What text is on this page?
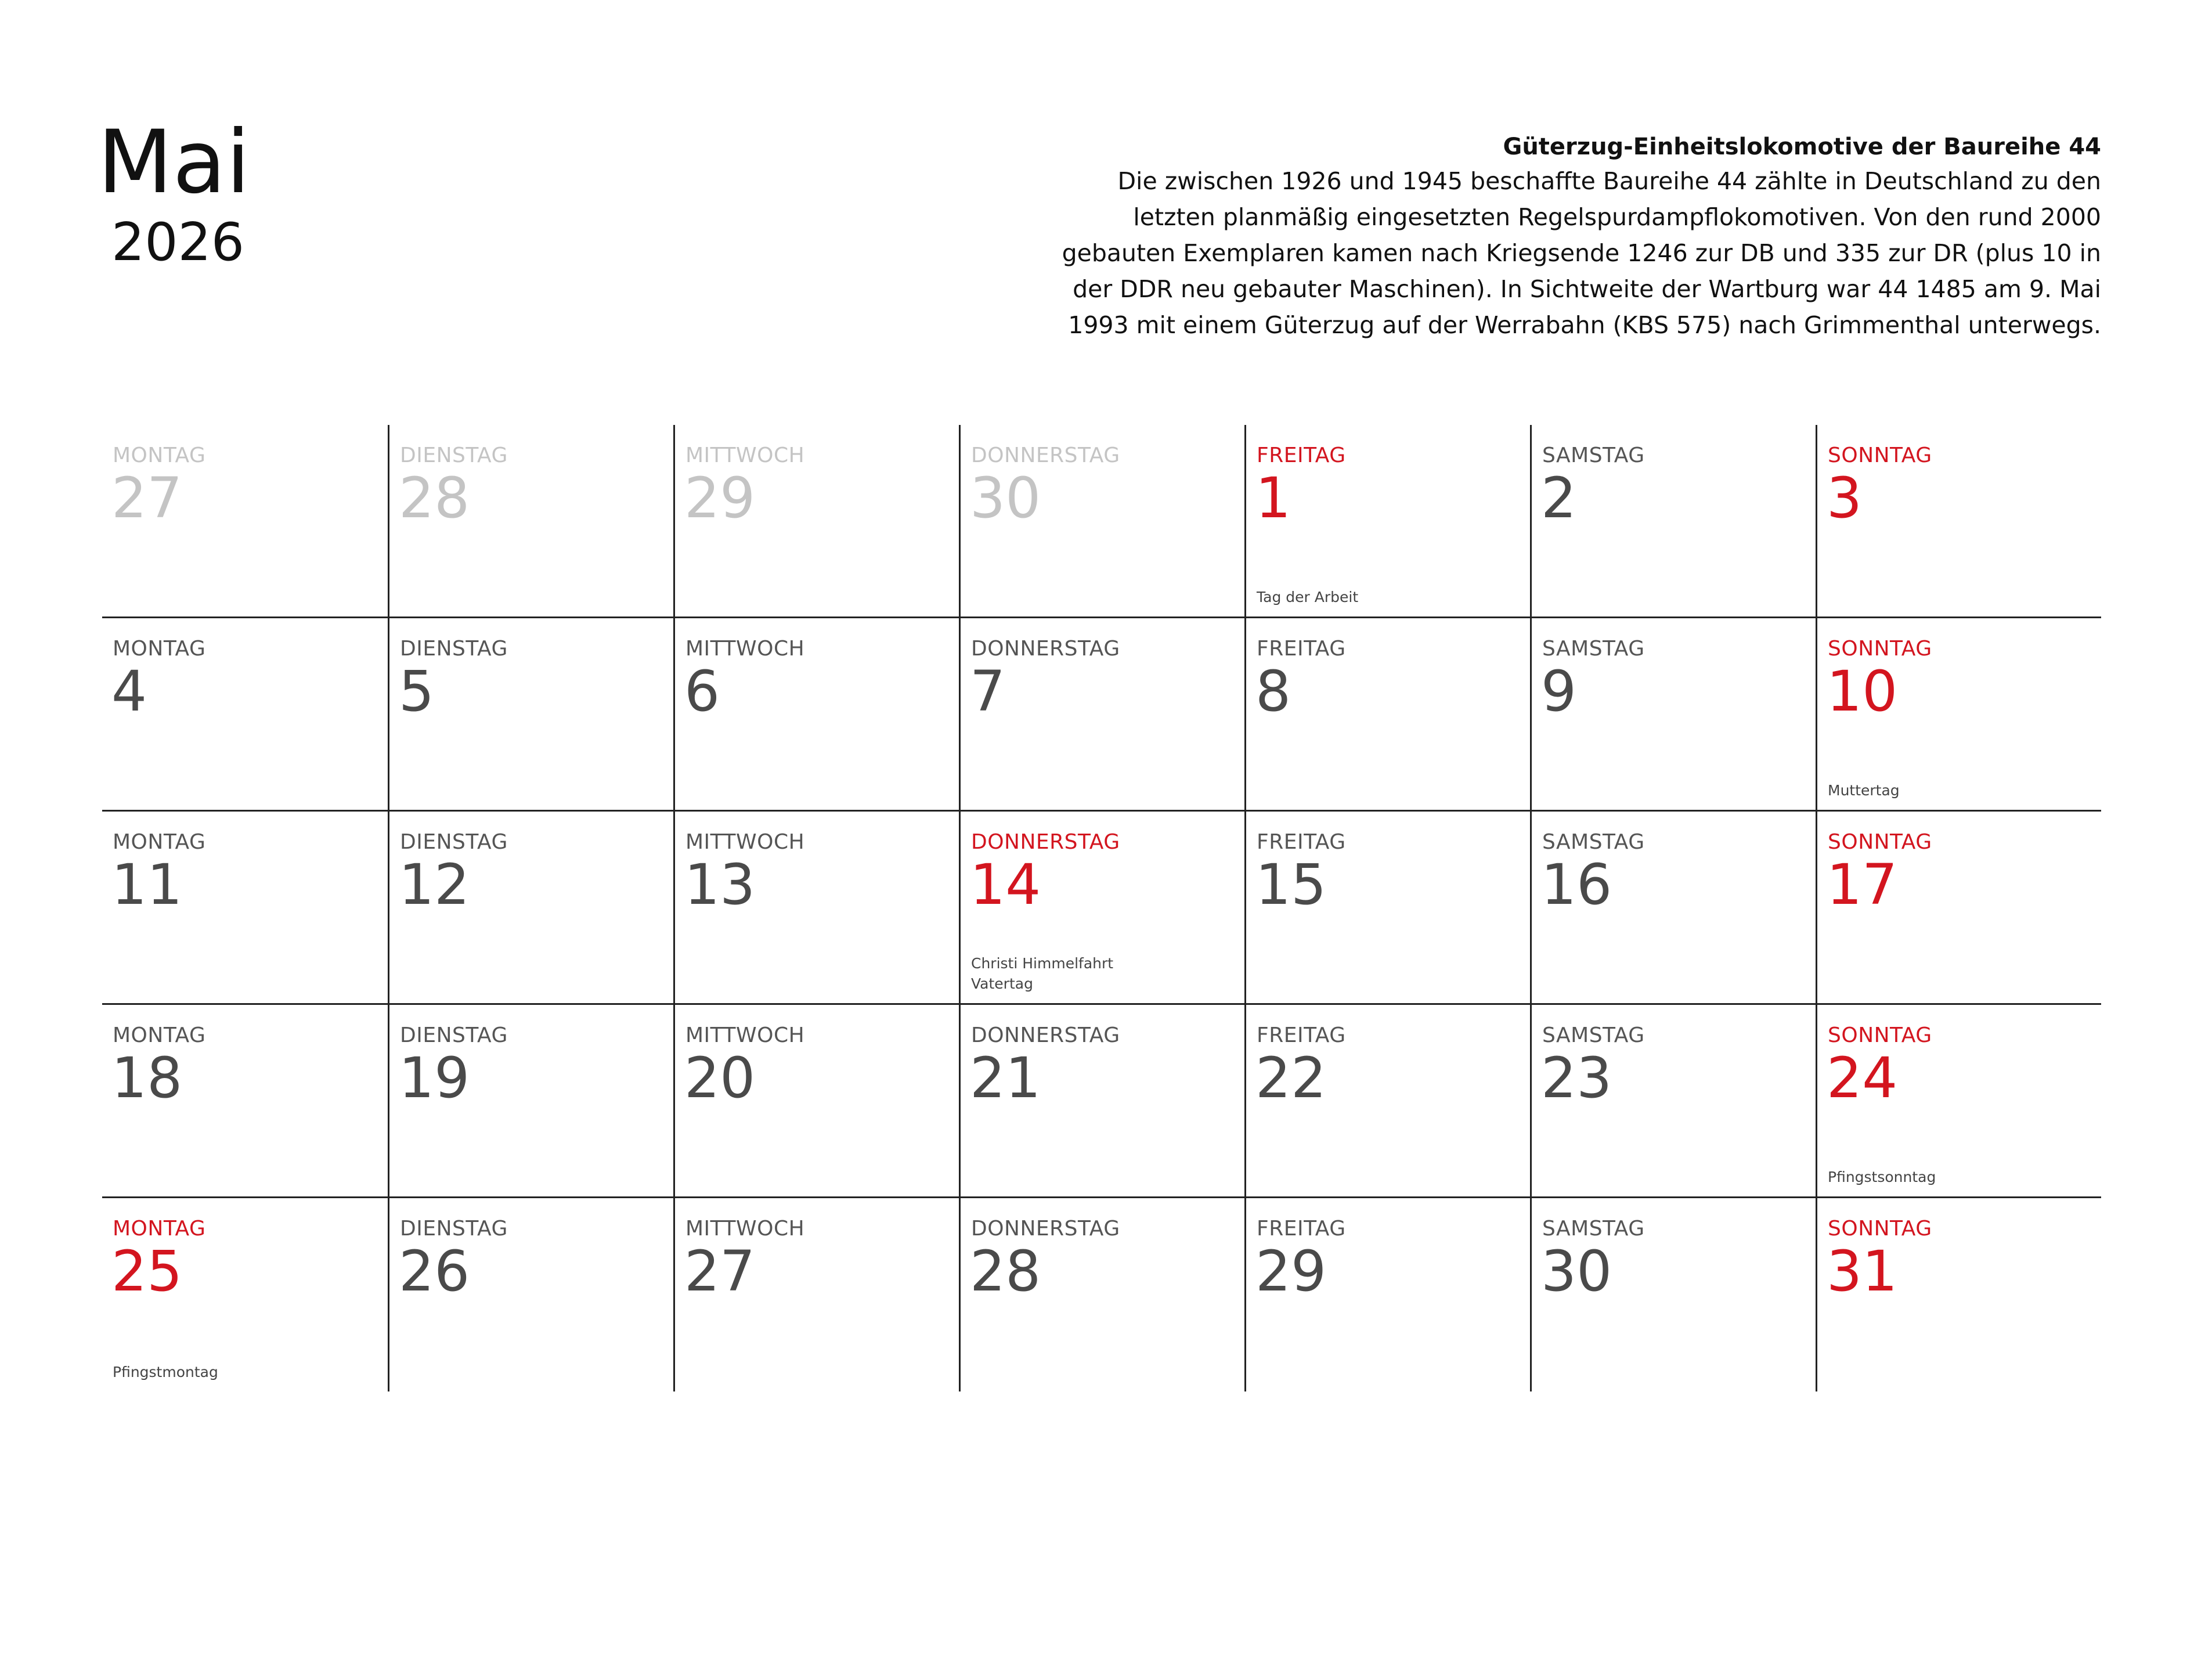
Mai
2026
Güterzug-Einheitslokomotive der Baureihe 44
Die zwischen 1926 und 1945 beschaffte Baureihe 44 zählte in Deutschland zu den
letzten planmäßig eingesetzten Regelspurdampflokomotiven. Von den rund 2000
gebauten Exemplaren kamen nach Kriegsende 1246 zur DB und 335 zur DR (plus 10 in
der DDR neu gebauter Maschinen). In Sichtweite der Wartburg war 44 1485 am 9. Mai
1993 mit einem Güterzug auf der Werrabahn (KBS 575) nach Grimmenthal unterwegs.
MONTAG
27
DIENSTAG
28
MITTWOCH
29
DONNERSTAG
30
FREITAG
1
Tag der Arbeit
SAMSTAG
2
SONNTAG
3
MONTAG
4
DIENSTAG
5
MITTWOCH
6
DONNERSTAG
7
FREITAG
8
SAMSTAG
9
SONNTAG
10
Muttertag
MONTAG
11
DIENSTAG
12
MITTWOCH
13
DONNERSTAG
14
Christi Himmelfahrt
Vatertag
FREITAG
15
SAMSTAG
16
SONNTAG
17
MONTAG
18
DIENSTAG
19
MITTWOCH
20
DONNERSTAG
21
FREITAG
22
SAMSTAG
23
SONNTAG
24
Pfingstsonntag
MONTAG
25
Pfingstmontag
DIENSTAG
26
MITTWOCH
27
DONNERSTAG
28
FREITAG
29
SAMSTAG
30
SONNTAG
31
